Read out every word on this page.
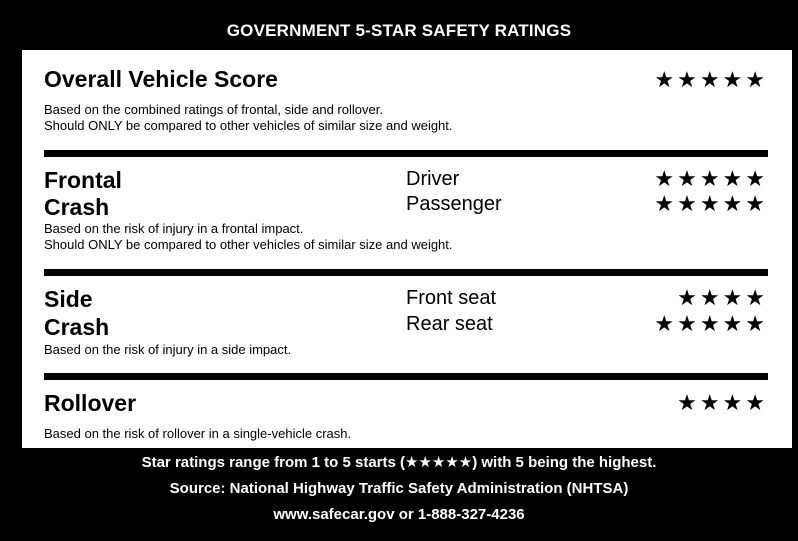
GOVERNMENT 5-STAR SAFETY RATINGS
Overall Vehicle Score	★★★★★
Based on the combined ratings of frontal, side and rollover.
Should ONLY be compared to other vehicles of similar size and weight.
Frontal
Crash
Driver	★★★★★
Passenger	★★★★★
Based on the risk of injury in a frontal impact.
Should ONLY be compared to other vehicles of similar size and weight.
Side
Crash
Front seat	★★★★
Rear seat	★★★★★
Based on the risk of injury in a side impact.
Rollover	★★★★
Based on the risk of rollover in a single-vehicle crash.
Star ratings range from 1 to 5 starts (★★★★★) with 5 being the highest.
Source: National Highway Traffic Safety Administration (NHTSA)
www.safecar.gov or 1-888-327-4236
